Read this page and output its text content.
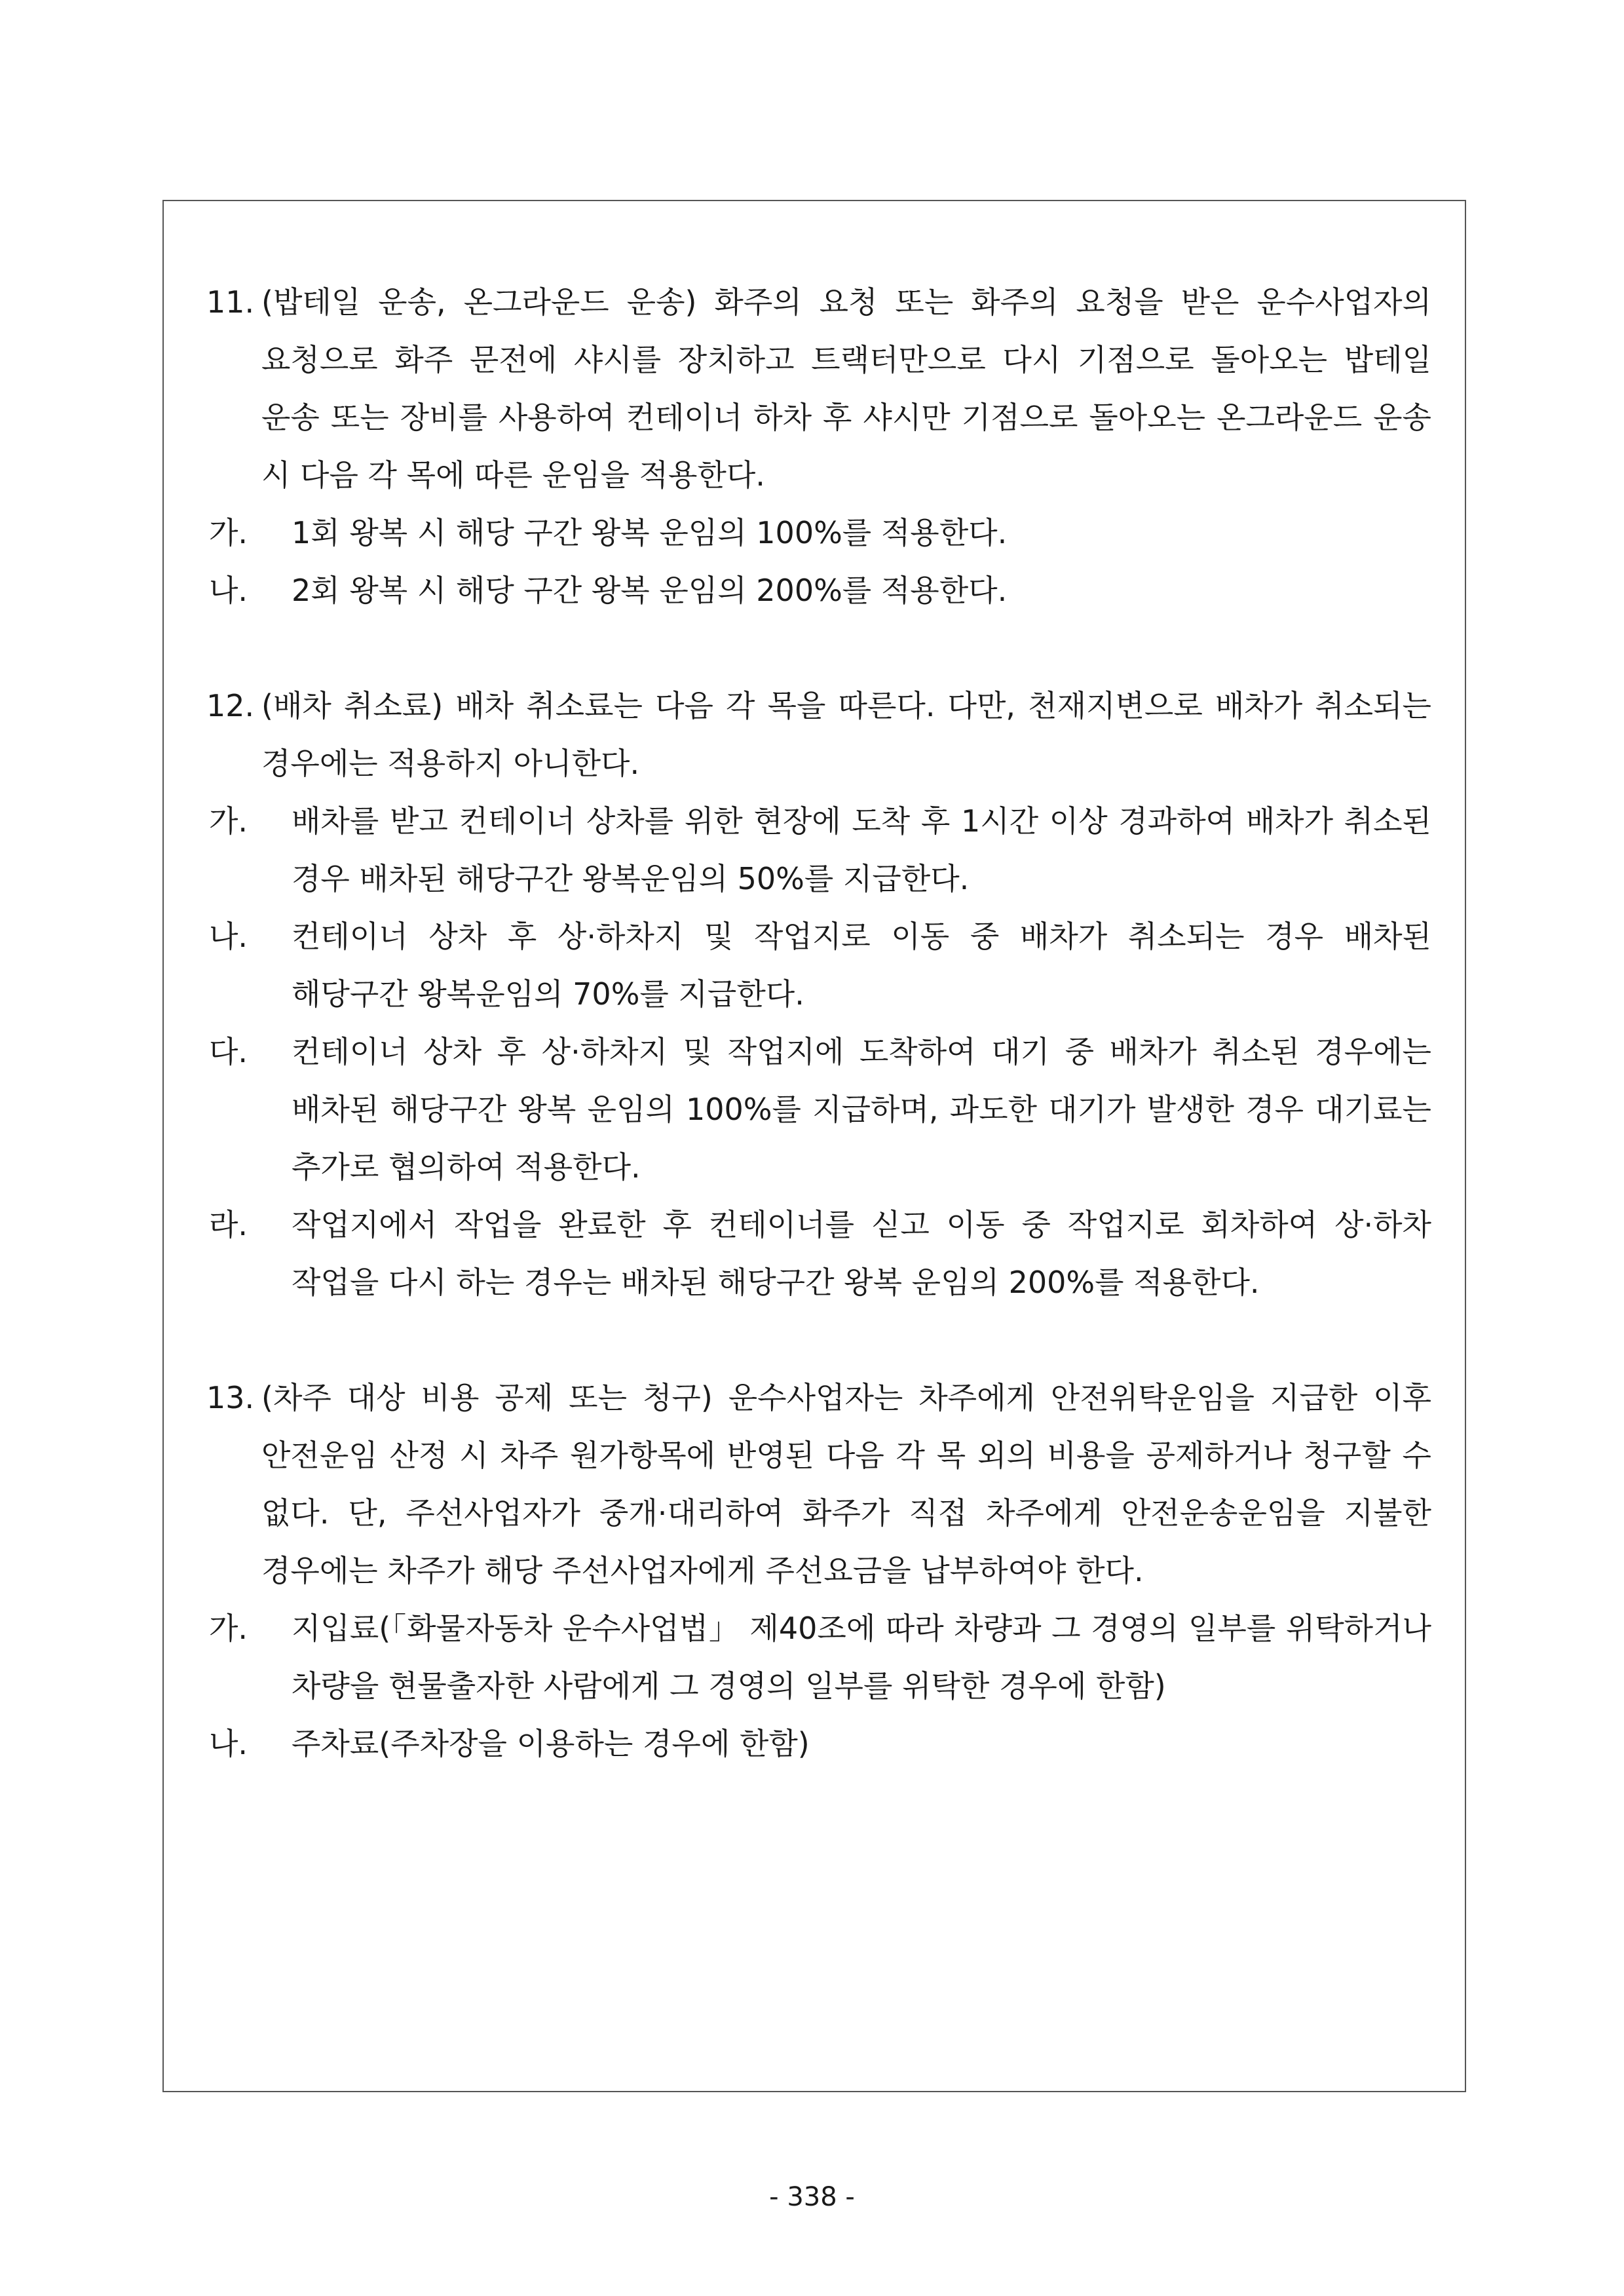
11. (밥테일 운송, 온그라운드 운송) 화주의 요청 또는 화주의 요청을 받은 운수사업자의 요청으로 화주 문전에 샤시를 장치하고 트랙터만으로 다시 기점으로 돌아오는 밥테일 운송 또는 장비를 사용하여 컨테이너 하차 후 샤시만 기점으로 돌아오는 온그라운드 운송 시 다음 각 목에 따른 운임을 적용한다.
가.	1회 왕복 시 해당 구간 왕복 운임의 100%를 적용한다.
나.	2회 왕복 시 해당 구간 왕복 운임의 200%를 적용한다.
12. (배차 취소료) 배차 취소료는 다음 각 목을 따른다. 다만, 천재지변으로 배차가 취소되는 경우에는 적용하지 아니한다.
가.	배차를 받고 컨테이너 상차를 위한 현장에 도착 후 1시간 이상 경과하여 배차가 취소된 경우 배차된 해당구간 왕복운임의 50%를 지급한다.
나.	컨테이너 상차 후 상·하차지 및 작업지로 이동 중 배차가 취소되는 경우 배차된 해당구간 왕복운임의 70%를 지급한다.
다.	컨테이너 상차 후 상·하차지 및 작업지에 도착하여 대기 중 배차가 취소된 경우에는 배차된 해당구간 왕복 운임의 100%를 지급하며, 과도한 대기가 발생한 경우 대기료는 추가로 협의하여 적용한다.
라.	작업지에서 작업을 완료한 후 컨테이너를 싣고 이동 중 작업지로 회차하여 상·하차 작업을 다시 하는 경우는 배차된 해당구간 왕복 운임의 200%를 적용한다.
13. (차주 대상 비용 공제 또는 청구) 운수사업자는 차주에게 안전위탁운임을 지급한 이후 안전운임 산정 시 차주 원가항목에 반영된 다음 각 목 외의 비용을 공제하거나 청구할 수 없다. 단, 주선사업자가 중개·대리하여 화주가 직접 차주에게 안전운송운임을 지불한 경우에는 차주가 해당 주선사업자에게 주선요금을 납부하여야 한다.
가.	지입료(「화물자동차 운수사업법」 제40조에 따라 차량과 그 경영의 일부를 위탁하거나 차량을 현물출자한 사람에게 그 경영의 일부를 위탁한 경우에 한함)
나.	주차료(주차장을 이용하는 경우에 한함)
- 338 -
